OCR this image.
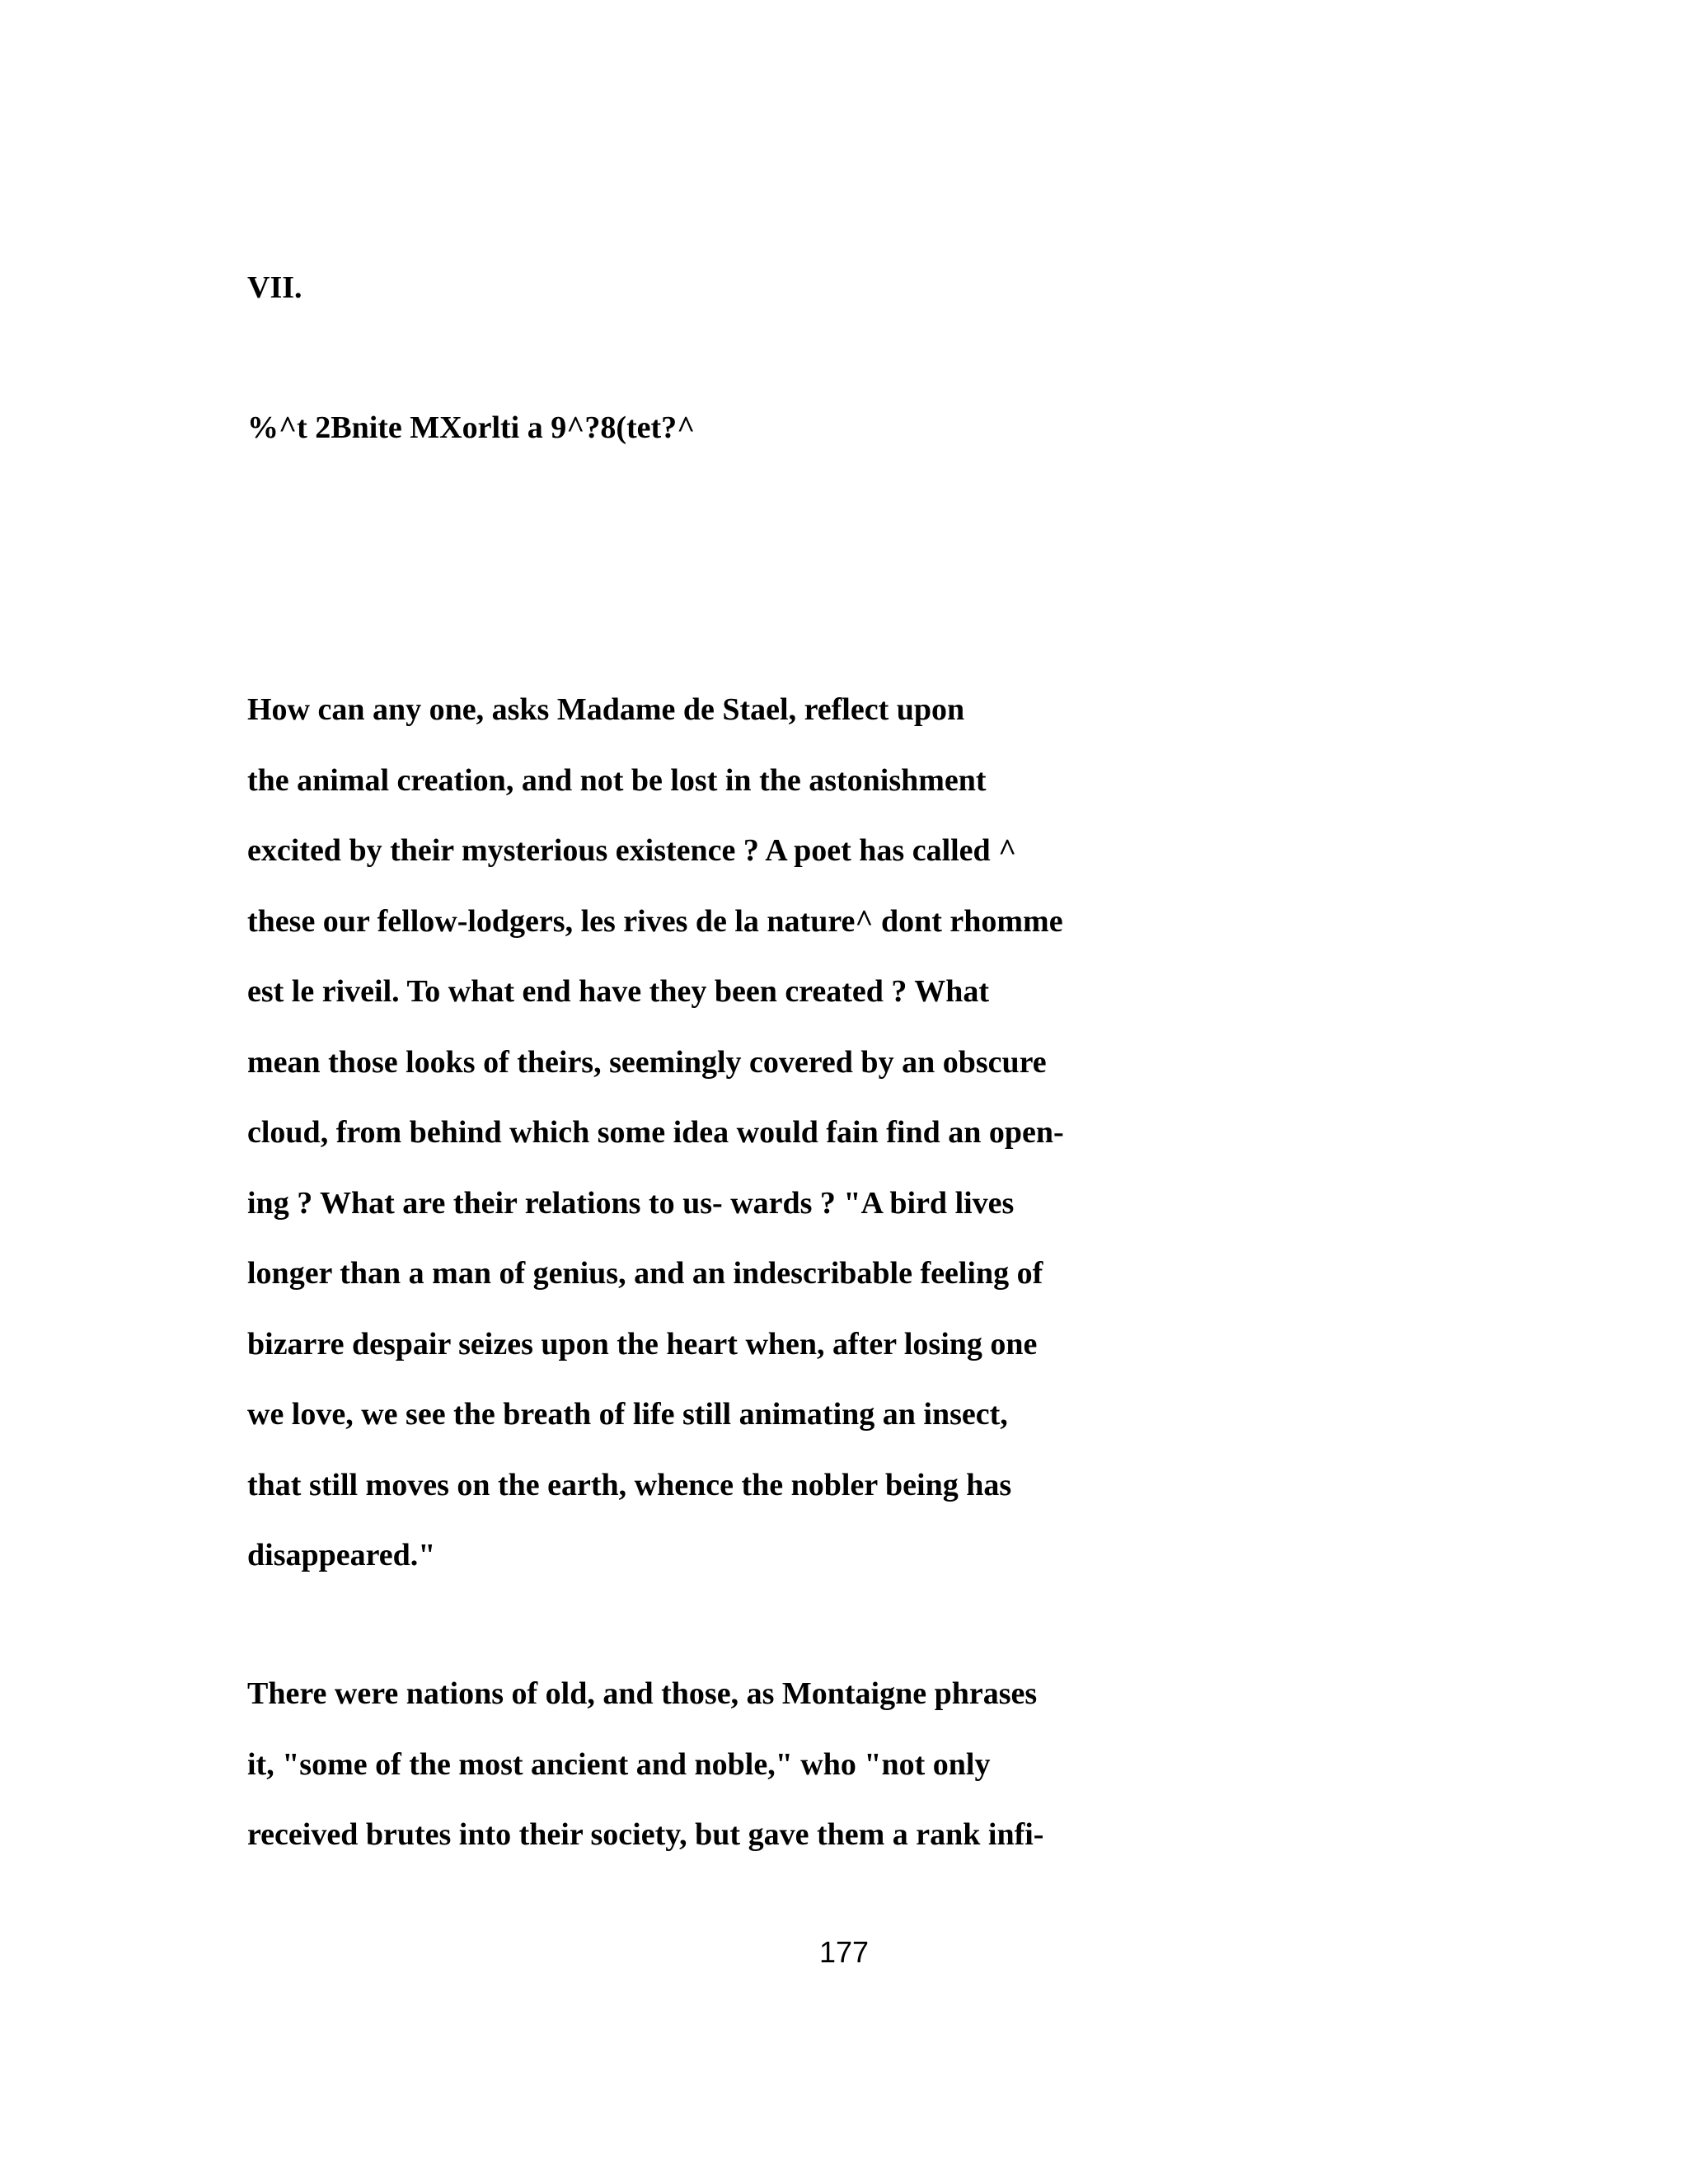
VII.
%^t 2Bnite MXorlti a 9^?8(tet?^
How can any one, asks Madame de Stael, reflect upon
the animal creation, and not be lost in the astonishment
excited by their mysterious existence ? A poet has called ^
these our fellow-lodgers, les rives de la nature^ dont rhomme
est le riveil. To what end have they been created ? What
mean those looks of theirs, seemingly covered by an obscure
cloud, from behind which some idea would fain find an open-
ing ? What are their relations to us- wards ? "A bird lives
longer than a man of genius, and an indescribable feeling of
bizarre despair seizes upon the heart when, after losing one
we love, we see the breath of life still animating an insect,
that still moves on the earth, whence the nobler being has
disappeared."
There were nations of old, and those, as Montaigne phrases
it, "some of the most ancient and noble," who "not only
received brutes into their society, but gave them a rank infi-
177
